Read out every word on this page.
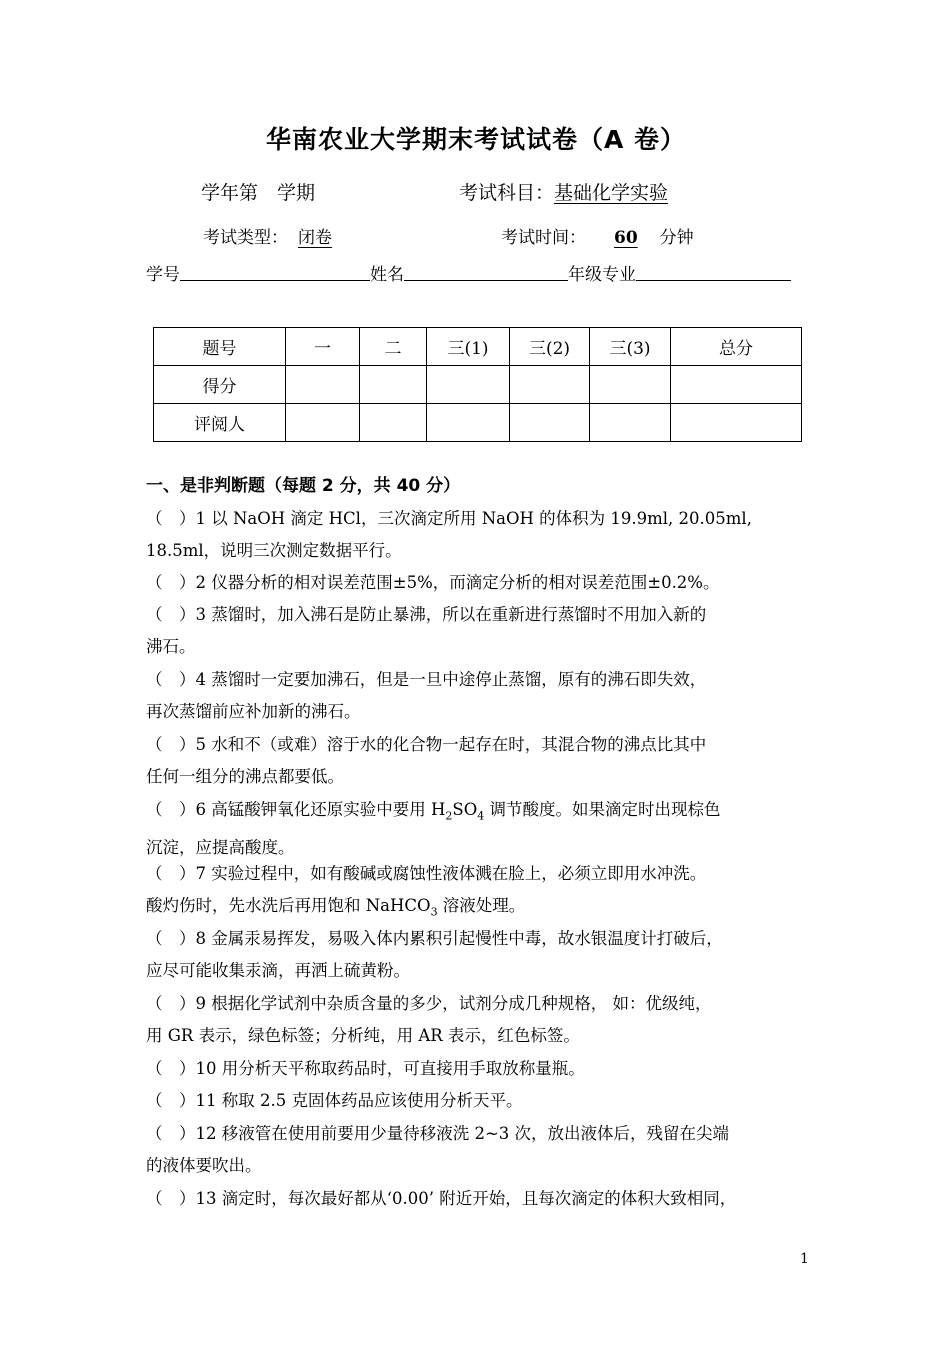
华南农业大学期末考试试卷（A 卷）
学年第　学期	考试科目：基础化学实验
考试类型： 闭卷	考试时间： 60 分钟
学号	姓名	年级专业
题号	一	二	三(1)	三(2)	三(3)	总分
得分						
评阅人						
一、是非判断题（每题 2 分，共 40 分）
（　）1 以 NaOH 滴定 HCl，三次滴定所用 NaOH 的体积为 19.9ml, 20.05ml,
18.5ml，说明三次测定数据平行。
（　）2 仪器分析的相对误差范围±5%，而滴定分析的相对误差范围±0.2%。
（　）3 蒸馏时，加入沸石是防止暴沸，所以在重新进行蒸馏时不用加入新的
沸石。
（　）4 蒸馏时一定要加沸石，但是一旦中途停止蒸馏，原有的沸石即失效，
再次蒸馏前应补加新的沸石。
（　）5 水和不（或难）溶于水的化合物一起存在时，其混合物的沸点比其中
任何一组分的沸点都要低。
（　）6 高锰酸钾氧化还原实验中要用 $H_2SO_4$ 调节酸度。如果滴定时出现棕色
沉淀，应提高酸度。
（　）7 实验过程中，如有酸碱或腐蚀性液体溅在脸上，必须立即用水冲洗。
酸灼伤时，先水洗后再用饱和 NaHCO$_3$ 溶液处理。
（　）8 金属汞易挥发，易吸入体内累积引起慢性中毒，故水银温度计打破后，
应尽可能收集汞滴，再洒上硫黄粉。
（　）9 根据化学试剂中杂质含量的多少，试剂分成几种规格， 如：优级纯，
用 GR 表示，绿色标签；分析纯，用 AR 表示，红色标签。
（　）10 用分析天平称取药品时，可直接用手取放称量瓶。
（　）11 称取 2.5 克固体药品应该使用分析天平。
（　）12 移液管在使用前要用少量待移液洗 2~3 次，放出液体后，残留在尖端
的液体要吹出。
（　）13 滴定时，每次最好都从‘0.00’ 附近开始，且每次滴定的体积大致相同，
1
